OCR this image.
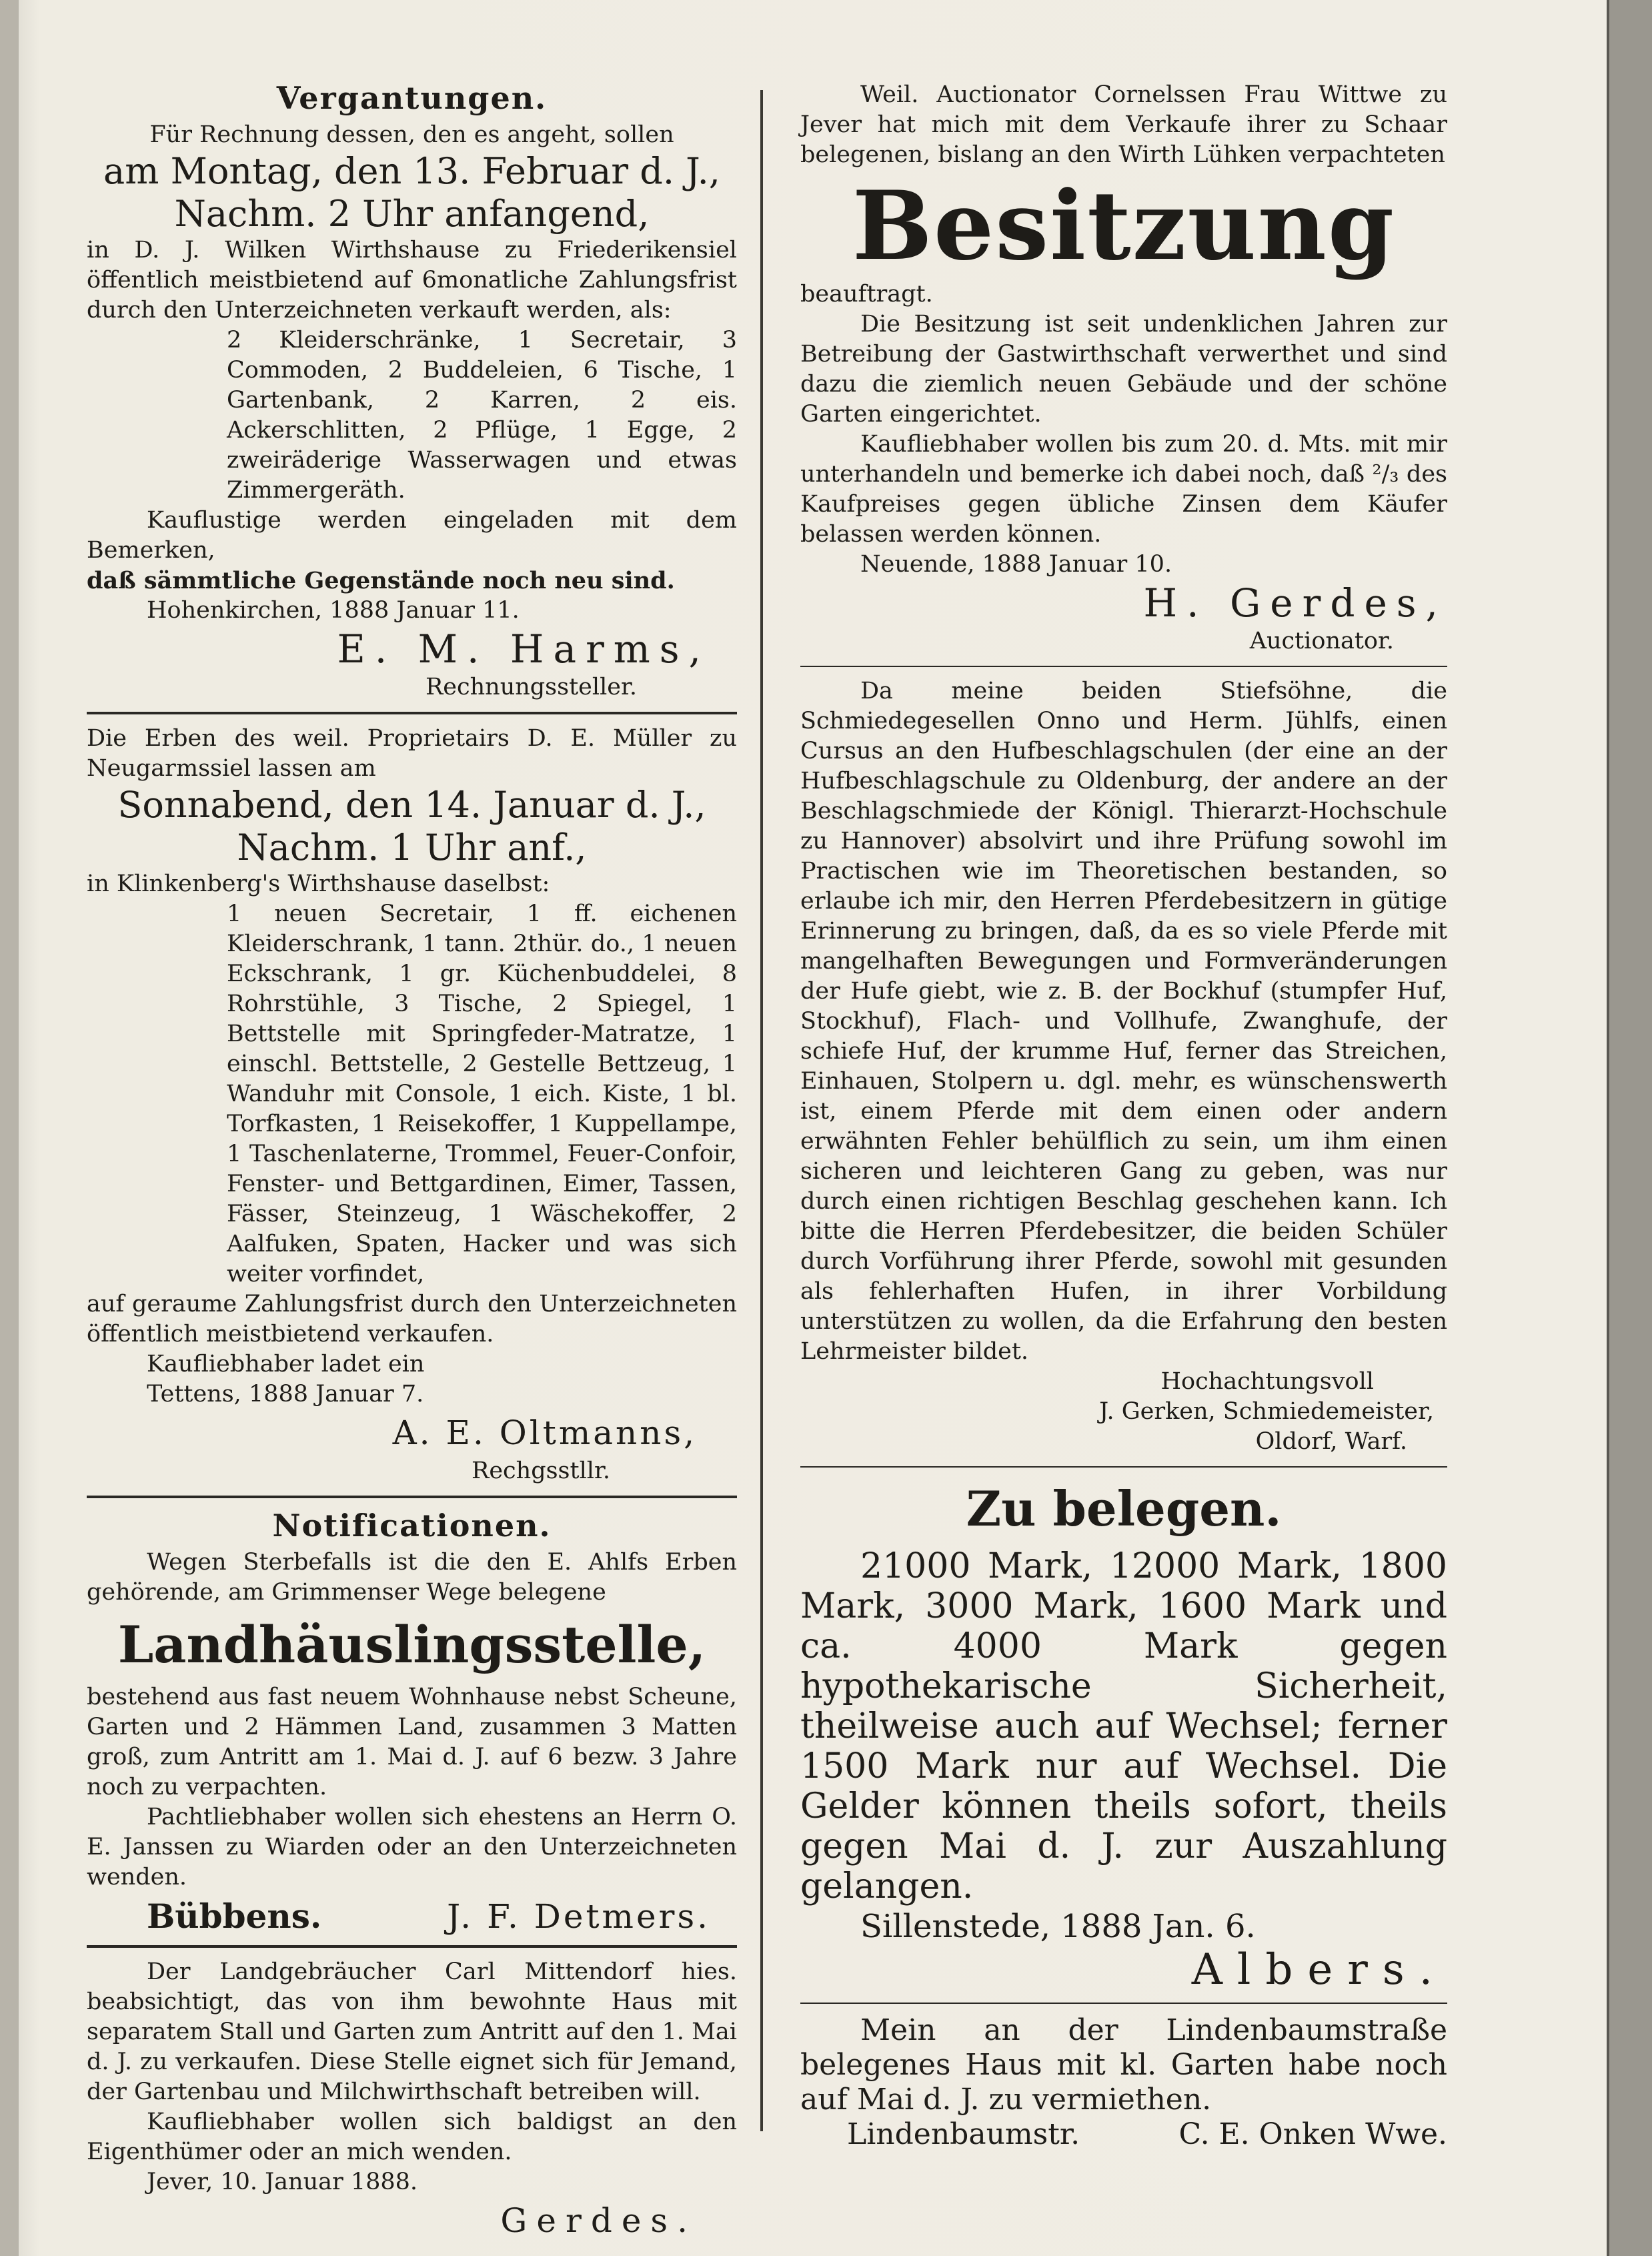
Vergantungen.

Für Rechnung dessen, den es angeht, sollen

am Montag, den 13. Februar d. J.,

Nachm. 2 Uhr anfangend,

in D. J. Wilken Wirthshause zu Friederikensiel öffentlich meistbietend auf 6monatliche Zahlungsfrist durch den Unterzeichneten verkauft werden, als:

2 Kleiderschränke, 1 Secretair, 3 Commoden, 2 Buddeleien, 6 Tische, 1 Gartenbank, 2 Karren, 2 eis. Ackerschlitten, 2 Pflüge, 1 Egge, 2 zweiräderige Wasserwagen und etwas Zimmergeräth.

Kauflustige werden eingeladen mit dem Bemerken,

daß sämmtliche Gegenstände noch neu sind.

Hohenkirchen, 1888 Januar 11.

E. M. Harms,

Rechnungssteller.

Die Erben des weil. Proprietairs D. E. Müller zu Neugarmssiel lassen am

Sonnabend, den 14. Januar d. J.,

Nachm. 1 Uhr anf.,

in Klinkenberg's Wirthshause daselbst:

1 neuen Secretair, 1 ff. eichenen Kleiderschrank, 1 tann. 2thür. do., 1 neuen Eckschrank, 1 gr. Küchenbuddelei, 8 Rohrstühle, 3 Tische, 2 Spiegel, 1 Bettstelle mit Springfeder-Matratze, 1 einschl. Bettstelle, 2 Gestelle Bettzeug, 1 Wanduhr mit Console, 1 eich. Kiste, 1 bl. Torfkasten, 1 Reisekoffer, 1 Kuppellampe, 1 Taschenlaterne, Trommel, Feuer-Confoir, Fenster- und Bettgardinen, Eimer, Tassen, Fässer, Steinzeug, 1 Wäschekoffer, 2 Aalfuken, Spaten, Hacker und was sich weiter vorfindet,

auf geraume Zahlungsfrist durch den Unterzeichneten öffentlich meistbietend verkaufen.

Kaufliebhaber ladet ein

Tettens, 1888 Januar 7.

A. E. Oltmanns,

Rechgsstllr.

Notificationen.

Wegen Sterbefalls ist die den E. Ahlfs Erben gehörende, am Grimmenser Wege belegene

Landhäuslingsstelle,

bestehend aus fast neuem Wohnhause nebst Scheune, Garten und 2 Hämmen Land, zusammen 3 Matten groß, zum Antritt am 1. Mai d. J. auf 6 bezw. 3 Jahre noch zu verpachten.

Pachtliebhaber wollen sich ehestens an Herrn O. E. Janssen zu Wiarden oder an den Unterzeichneten wenden.

Bübbens.	J. F. Detmers.

Der Landgebräucher Carl Mittendorf hies. beabsichtigt, das von ihm bewohnte Haus mit separatem Stall und Garten zum Antritt auf den 1. Mai d. J. zu verkaufen. Diese Stelle eignet sich für Jemand, der Gartenbau und Milchwirthschaft betreiben will.

Kaufliebhaber wollen sich baldigst an den Eigenthümer oder an mich wenden.

Jever, 10. Januar 1888.

Gerdes.

Weil. Auctionator Cornelssen Frau Wittwe zu Jever hat mich mit dem Verkaufe ihrer zu Schaar belegenen, bislang an den Wirth Lühken verpachteten

Besitzung

beauftragt.

Die Besitzung ist seit undenklichen Jahren zur Betreibung der Gastwirthschaft verwerthet und sind dazu die ziemlich neuen Gebäude und der schöne Garten eingerichtet.

Kaufliebhaber wollen bis zum 20. d. Mts. mit mir unterhandeln und bemerke ich dabei noch, daß ²/₃ des Kaufpreises gegen übliche Zinsen dem Käufer belassen werden können.

Neuende, 1888 Januar 10.

H. Gerdes,

Auctionator.

Da meine beiden Stiefsöhne, die Schmiedegesellen Onno und Herm. Jühlfs, einen Cursus an den Hufbeschlagschulen (der eine an der Hufbeschlagschule zu Oldenburg, der andere an der Beschlagschmiede der Königl. Thierarzt-Hochschule zu Hannover) absolvirt und ihre Prüfung sowohl im Practischen wie im Theoretischen bestanden, so erlaube ich mir, den Herren Pferdebesitzern in gütige Erinnerung zu bringen, daß, da es so viele Pferde mit mangelhaften Bewegungen und Formveränderungen der Hufe giebt, wie z. B. der Bockhuf (stumpfer Huf, Stockhuf), Flach- und Vollhufe, Zwanghufe, der schiefe Huf, der krumme Huf, ferner das Streichen, Einhauen, Stolpern u. dgl. mehr, es wünschenswerth ist, einem Pferde mit dem einen oder andern erwähnten Fehler behülflich zu sein, um ihm einen sicheren und leichteren Gang zu geben, was nur durch einen richtigen Beschlag geschehen kann. Ich bitte die Herren Pferdebesitzer, die beiden Schüler durch Vorführung ihrer Pferde, sowohl mit gesunden als fehlerhaften Hufen, in ihrer Vorbildung unterstützen zu wollen, da die Erfahrung den besten Lehrmeister bildet.

Hochachtungsvoll

J. Gerken, Schmiedemeister,

Oldorf, Warf.

Zu belegen.

21000 Mark, 12000 Mark, 1800 Mark, 3000 Mark, 1600 Mark und ca. 4000 Mark gegen hypothekarische Sicherheit, theilweise auch auf Wechsel; ferner 1500 Mark nur auf Wechsel. Die Gelder können theils sofort, theils gegen Mai d. J. zur Auszahlung gelangen.

Sillenstede, 1888 Jan. 6.

Albers.

Mein an der Lindenbaumstraße belegenes Haus mit kl. Garten habe noch auf Mai d. J. zu vermiethen.

Lindenbaumstr.	C. E. Onken Wwe.
